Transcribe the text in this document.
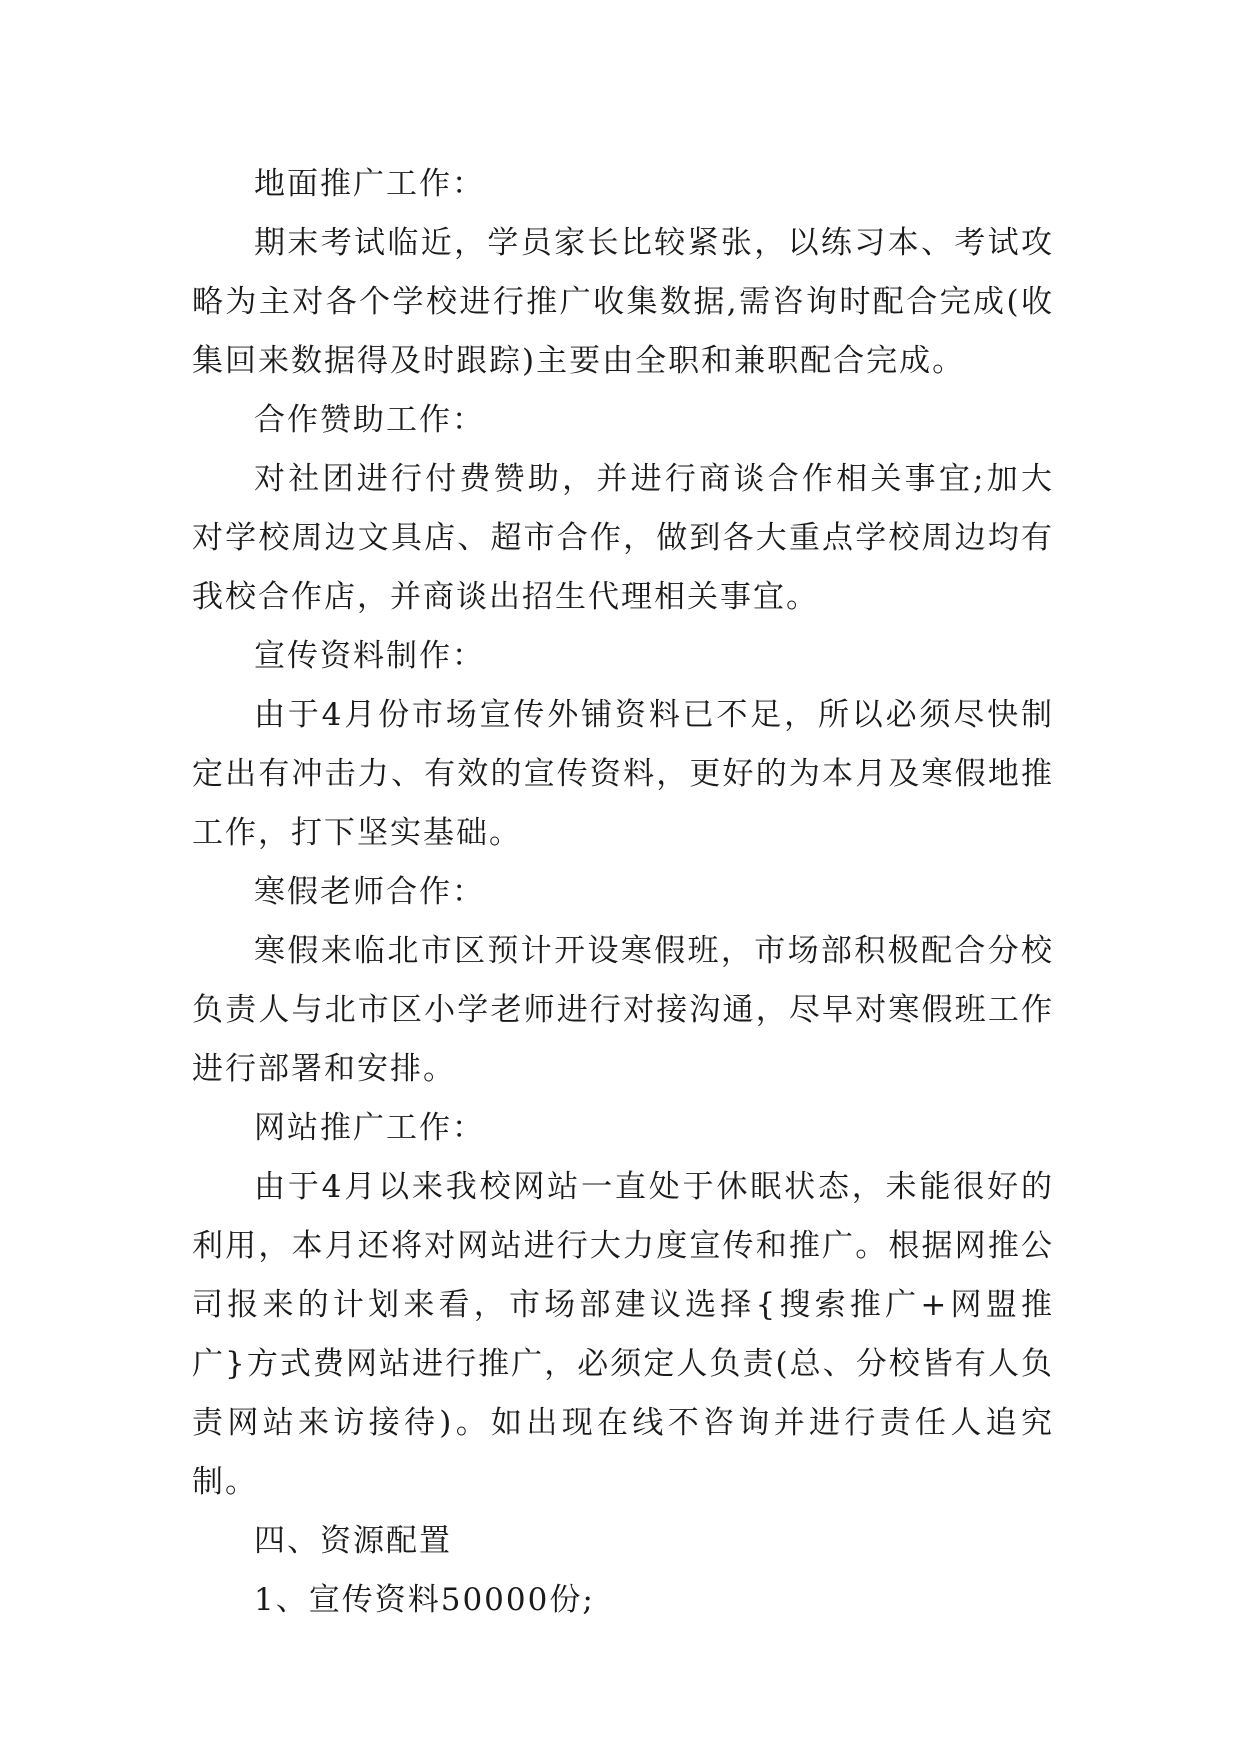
地面推广工作：

期末考试临近，学员家长比较紧张，以练习本、考试攻略为主对各个学校进行推广收集数据,需咨询时配合完成(收集回来数据得及时跟踪)主要由全职和兼职配合完成。

合作赞助工作：

对社团进行付费赞助，并进行商谈合作相关事宜;加大对学校周边文具店、超市合作，做到各大重点学校周边均有我校合作店，并商谈出招生代理相关事宜。

宣传资料制作：

由于4月份市场宣传外铺资料已不足，所以必须尽快制定出有冲击力、有效的宣传资料，更好的为本月及寒假地推工作，打下坚实基础。

寒假老师合作：

寒假来临北市区预计开设寒假班，市场部积极配合分校负责人与北市区小学老师进行对接沟通，尽早对寒假班工作进行部署和安排。

网站推广工作：

由于4月以来我校网站一直处于休眠状态，未能很好的利用，本月还将对网站进行大力度宣传和推广。根据网推公司报来的计划来看，市场部建议选择{搜索推广+网盟推广}方式费网站进行推广，必须定人负责(总、分校皆有人负责网站来访接待)。如出现在线不咨询并进行责任人追究制。

四、资源配置

1、宣传资料50000份;
